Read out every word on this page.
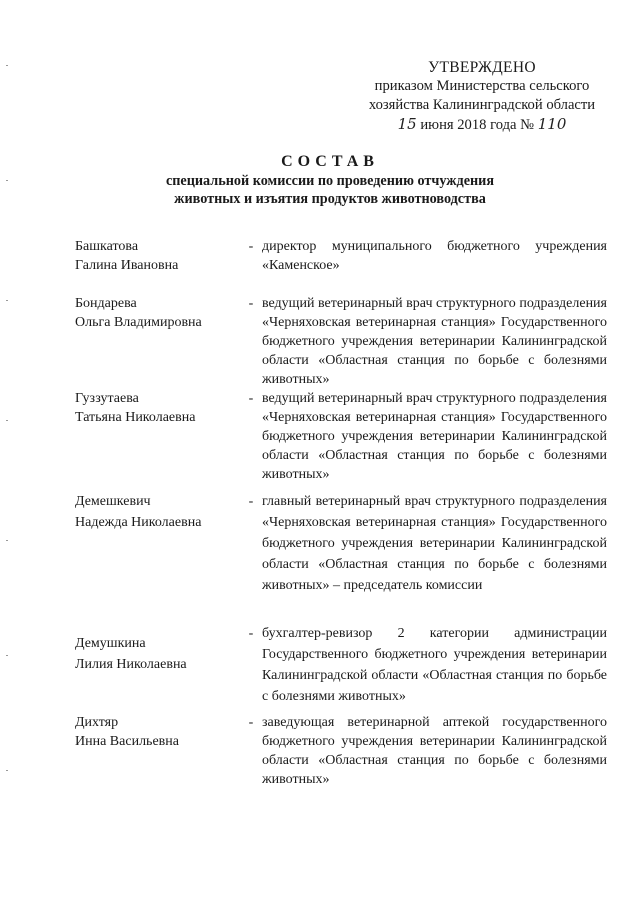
УТВЕРЖДЕНО
приказом Министерства сельского
хозяйства Калининградской области
15 июня 2018 года № 110
СОСТАВ
специальной комиссии по проведению отчуждения
животных и изъятия продуктов животноводства
Башкатова
Галина Ивановна
- директор муниципального бюджетного учреждения «Каменское»
Бондарева
Ольга Владимировна
- ведущий ветеринарный врач структурного подразделения «Черняховская ветеринарная станция» Государственного бюджетного учреждения ветеринарии Калининградской области «Областная станция по борьбе с болезнями животных»
Гуззутаева
Татьяна Николаевна
- ведущий ветеринарный врач структурного подразделения «Черняховская ветеринарная станция» Государственного бюджетного учреждения ветеринарии Калининградской области «Областная станция по борьбе с болезнями животных»
Демешкевич
Надежда Николаевна
- главный ветеринарный врач структурного подразделения «Черняховская ветеринарная станция» Государственного бюджетного учреждения ветеринарии Калининградской области «Областная станция по борьбе с болезнями животных» – председатель комиссии
Демушкина
Лилия Николаевна
- бухгалтер-ревизор 2 категории администрации Государственного бюджетного учреждения ветеринарии Калининградской области «Областная станция по борьбе с болезнями животных»
Дихтяр
Инна Васильевна
- заведующая ветеринарной аптекой государственного бюджетного учреждения ветеринарии Калининградской области «Областная станция по борьбе с болезнями животных»
